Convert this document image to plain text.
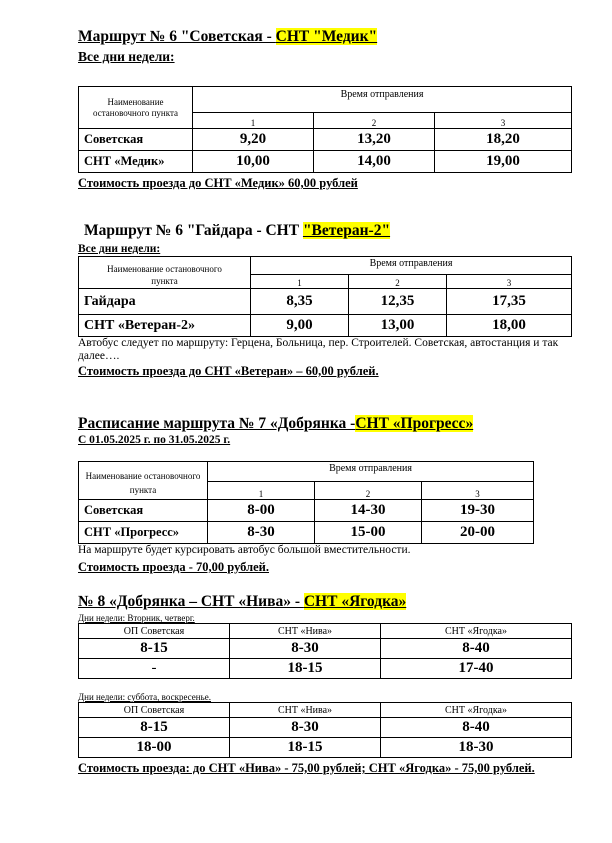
Маршрут № 6 "Советская - СНТ "Медик"
Все дни недели:
Наименование остановочного пункта	Время отправления		
	1	2	3
Советская	9,20	13,20	18,20
СНТ «Медик»	10,00	14,00	19,00
Стоимость проезда до СНТ «Медик» 60,00 рублей
Маршрут № 6 "Гайдара - СНТ "Ветеран-2"
Все дни недели:
Наименование остановочного	Время отправления		
пункта	1	2	3
Гайдара	8,35	12,35	17,35
СНТ «Ветеран-2»	9,00	13,00	18,00
Автобус следует по маршруту: Герцена, Больница, пер. Строителей. Советская, автостанция и так далее….
Стоимость проезда до СНТ «Ветеран» – 60,00 рублей.
Расписание маршрута № 7 «Добрянка -СНТ «Прогресс»
С 01.05.2025 г. по 31.05.2025 г.
Наименование остановочного	Время отправления		
пункта	1	2	3
Советская	8-00	14-30	19-30
СНТ «Прогресс»	8-30	15-00	20-00
На маршруте будет курсировать автобус большой вместительности.
Стоимость проезда - 70,00 рублей.
№ 8 «Добрянка – СНТ «Нива» - СНТ «Ягодка»
Дни недели: Вторник, четверг.
ОП Советская	СНТ «Нива»	СНТ «Ягодка»
8-15	8-30	8-40
-	18-15	17-40
Дни недели: суббота, воскресенье.
ОП Советская	СНТ «Нива»	СНТ «Ягодка»
8-15	8-30	8-40
18-00	18-15	18-30
Стоимость проезда: до СНТ «Нива» - 75,00 рублей; СНТ «Ягодка» - 75,00 рублей.
